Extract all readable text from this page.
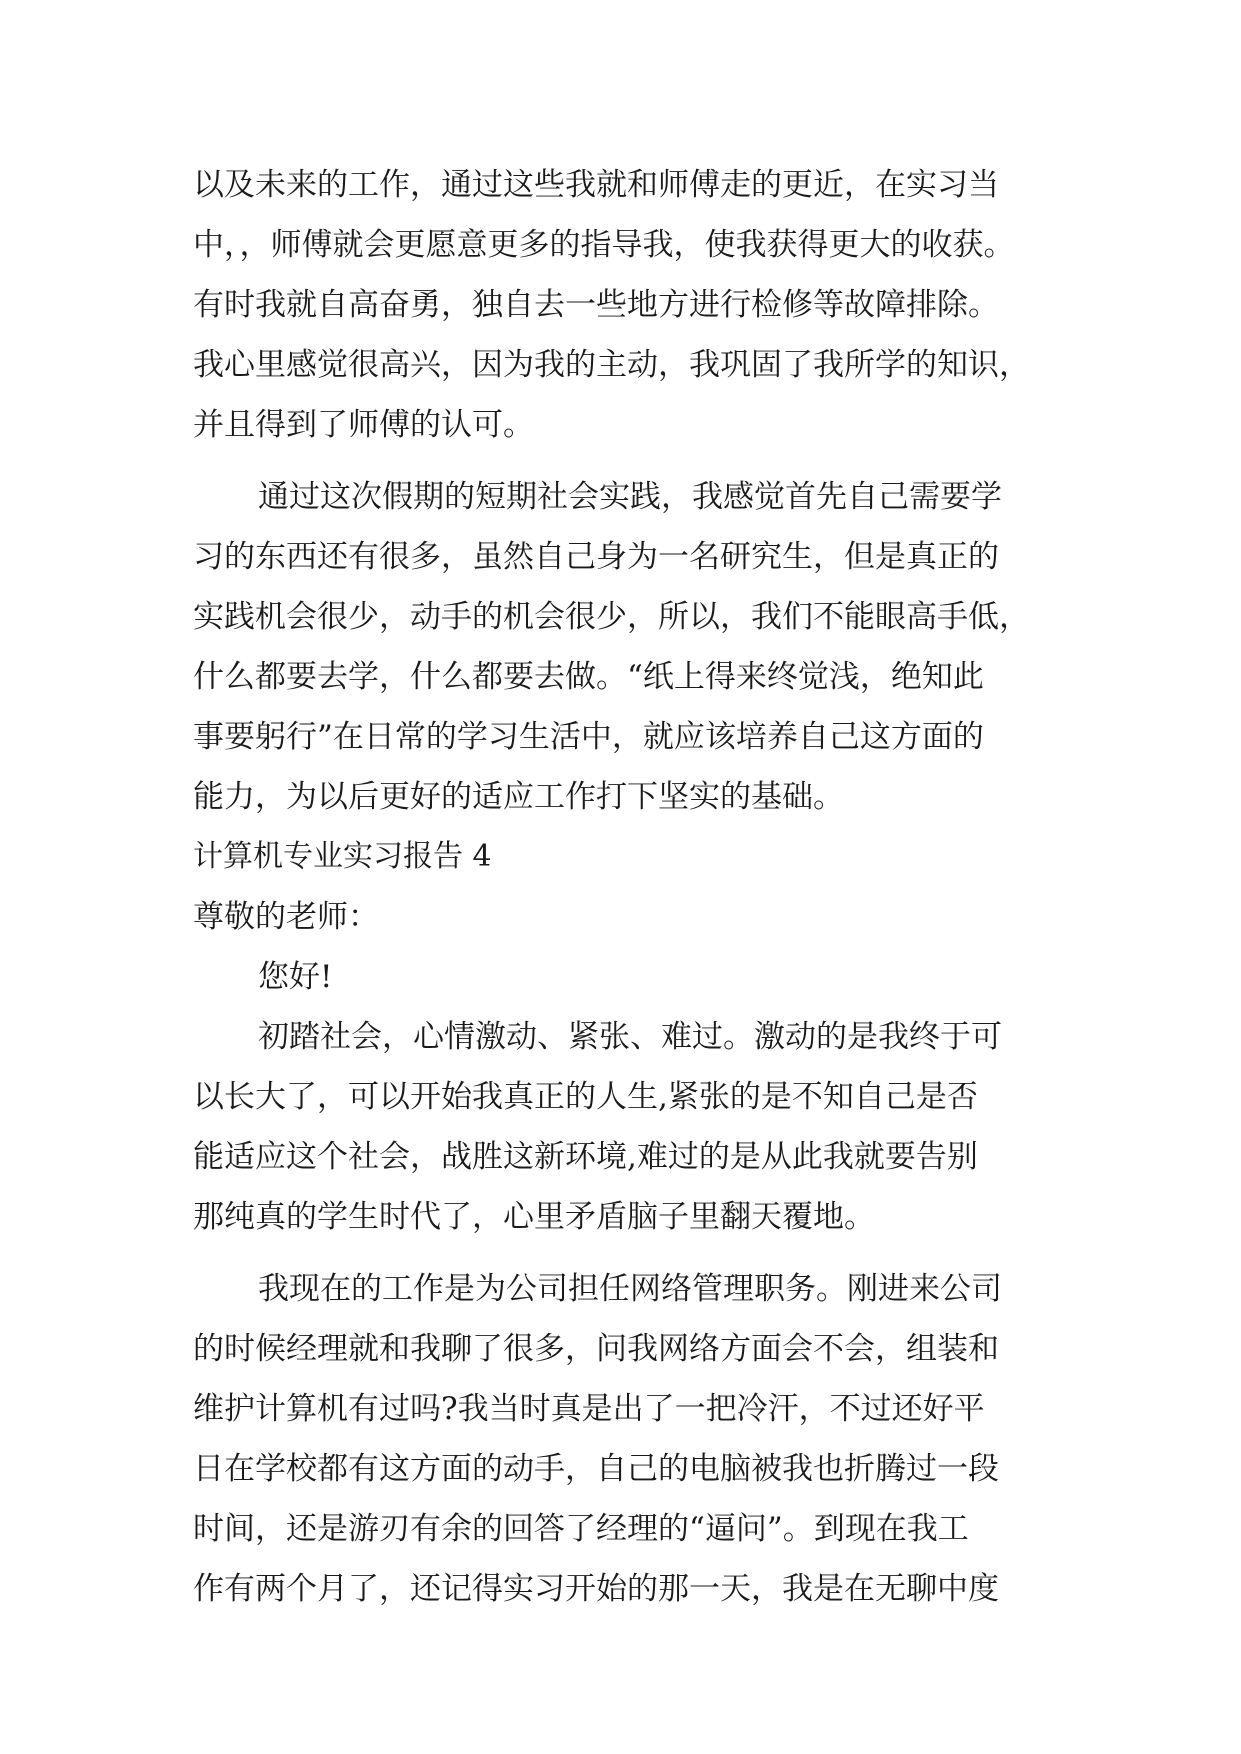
以及未来的工作，通过这些我就和师傅走的更近，在实习当
中，，师傅就会更愿意更多的指导我，使我获得更大的收获。
有时我就自高奋勇，独自去一些地方进行检修等故障排除。
我心里感觉很高兴，因为我的主动，我巩固了我所学的知识，
并且得到了师傅的认可。
通过这次假期的短期社会实践，我感觉首先自己需要学
习的东西还有很多，虽然自己身为一名研究生，但是真正的
实践机会很少，动手的机会很少，所以，我们不能眼高手低，
什么都要去学，什么都要去做。“纸上得来终觉浅，绝知此
事要躬行”在日常的学习生活中，就应该培养自己这方面的
能力，为以后更好的适应工作打下坚实的基础。
计算机专业实习报告 4
尊敬的老师：
您好!
初踏社会，心情激动、紧张、难过。激动的是我终于可
以长大了，可以开始我真正的人生,紧张的是不知自己是否
能适应这个社会，战胜这新环境,难过的是从此我就要告别
那纯真的学生时代了，心里矛盾脑子里翻天覆地。
我现在的工作是为公司担任网络管理职务。刚进来公司
的时候经理就和我聊了很多，问我网络方面会不会，组装和
维护计算机有过吗?我当时真是出了一把冷汗，不过还好平
日在学校都有这方面的动手，自己的电脑被我也折腾过一段
时间，还是游刃有余的回答了经理的“逼问”。到现在我工
作有两个月了，还记得实习开始的那一天，我是在无聊中度
